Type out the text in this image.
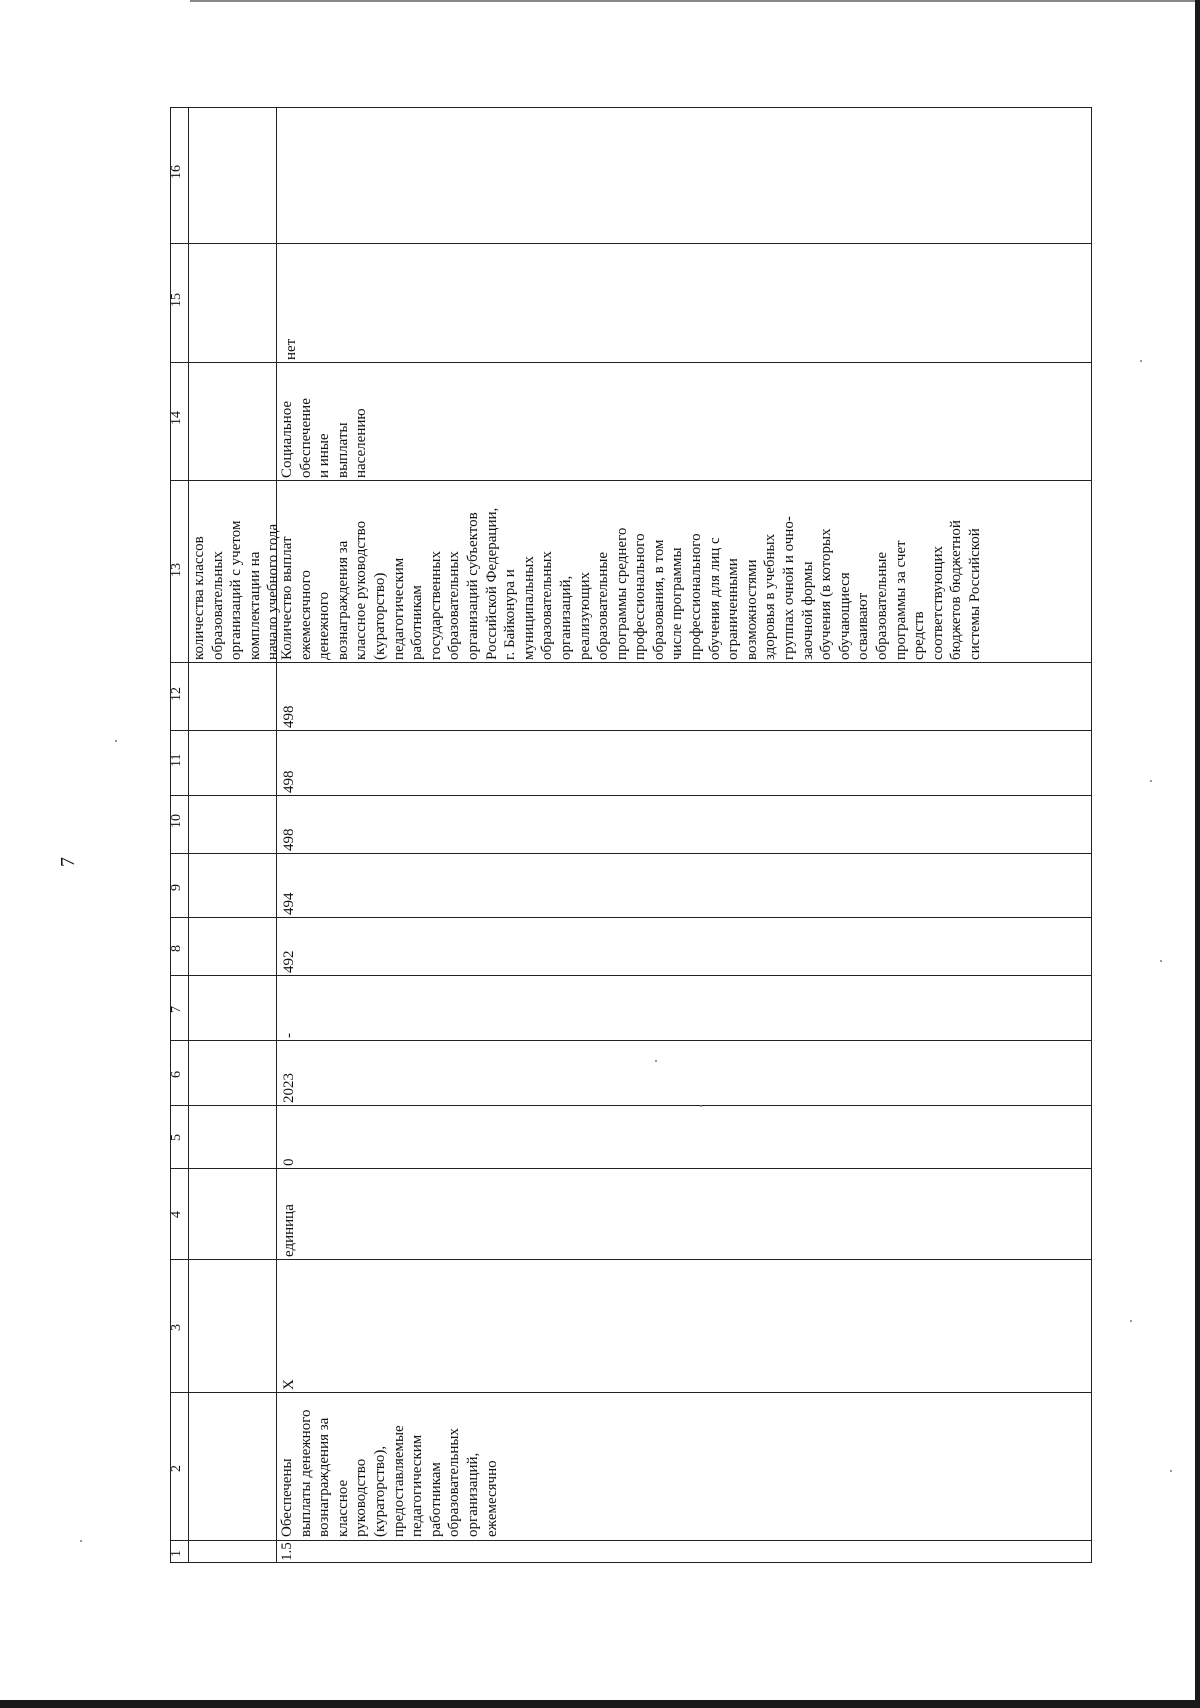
7
16
15
14
13
12
11
10
9
8
7
6
5
4
3
2
1
количества классов образовательных организаций с учетом комплектации на начало учебного года
1.5
Обеспечены выплаты денежного вознаграждения за классное руководство (кураторство), предоставляемые педагогическим работникам образовательных организаций, ежемесячно
Х
единица
0
2023
-
492
494
498
498
498
Количество выплат ежемесячного денежного вознаграждения за классное руководство (кураторство) педагогическим работникам государственных образовательных организаций субъектов Российской Федерации, г. Байконура и муниципальных образовательных организаций, реализующих образовательные программы среднего профессионального образования, в том числе программы профессионального обучения для лиц с ограниченными возможностями здоровья в учебных группах очной и очно- заочной формы обучения (в которых обучающиеся осваивают образовательные программы за счет средств соответствующих бюджетов бюджетной системы Российской
Социальное обеспечение и иные выплаты населению
нет
